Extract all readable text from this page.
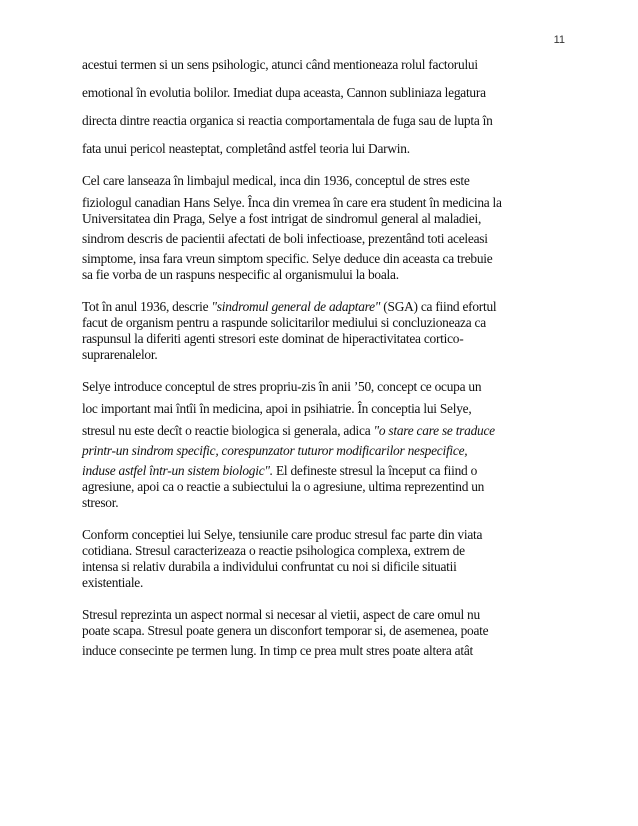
11
acestui termen si un sens psihologic, atunci când mentioneaza rolul factorului
emotional în evolutia bolilor. Imediat dupa aceasta, Cannon subliniaza legatura
directa dintre reactia organica si reactia comportamentala de fuga sau de lupta în
fata unui pericol neasteptat, completând astfel teoria lui Darwin.
Cel care lanseaza în limbajul medical, inca din 1936, conceptul de stres este
fiziologul canadian Hans Selye. Înca din vremea în care era student în medicina la
Universitatea din Praga, Selye a fost intrigat de sindromul general al maladiei,
sindrom descris de pacientii afectati de boli infectioase, prezentând toti aceleasi
simptome, insa fara vreun simptom specific. Selye deduce din aceasta ca trebuie
sa fie vorba de un raspuns nespecific al organismului la boala.
Tot în anul 1936, descrie "sindromul general de adaptare" (SGA) ca fiind efortul
facut de organism pentru a raspunde solicitarilor mediului si concluzioneaza ca
raspunsul la diferiti agenti stresori este dominat de hiperactivitatea cortico-
suprarenalelor.
Selye introduce conceptul de stres propriu-zis în anii ’50, concept ce ocupa un
loc important mai întîi în medicina, apoi in psihiatrie. În conceptia lui Selye,
stresul nu este decît o reactie biologica si generala, adica "o stare care se traduce
printr-un sindrom specific, corespunzator tuturor modificarilor nespecifice,
induse astfel într-un sistem biologic". El defineste stresul la început ca fiind o
agresiune, apoi ca o reactie a subiectului la o agresiune, ultima reprezentind un
stresor.
Conform conceptiei lui Selye, tensiunile care produc stresul fac parte din viata
cotidiana. Stresul caracterizeaza o reactie psihologica complexa, extrem de
intensa si relativ durabila a individului confruntat cu noi si dificile situatii
existentiale.
Stresul reprezinta un aspect normal si necesar al vietii, aspect de care omul nu
poate scapa. Stresul poate genera un disconfort temporar si, de asemenea, poate
induce consecinte pe termen lung. In timp ce prea mult stres poate altera atât
